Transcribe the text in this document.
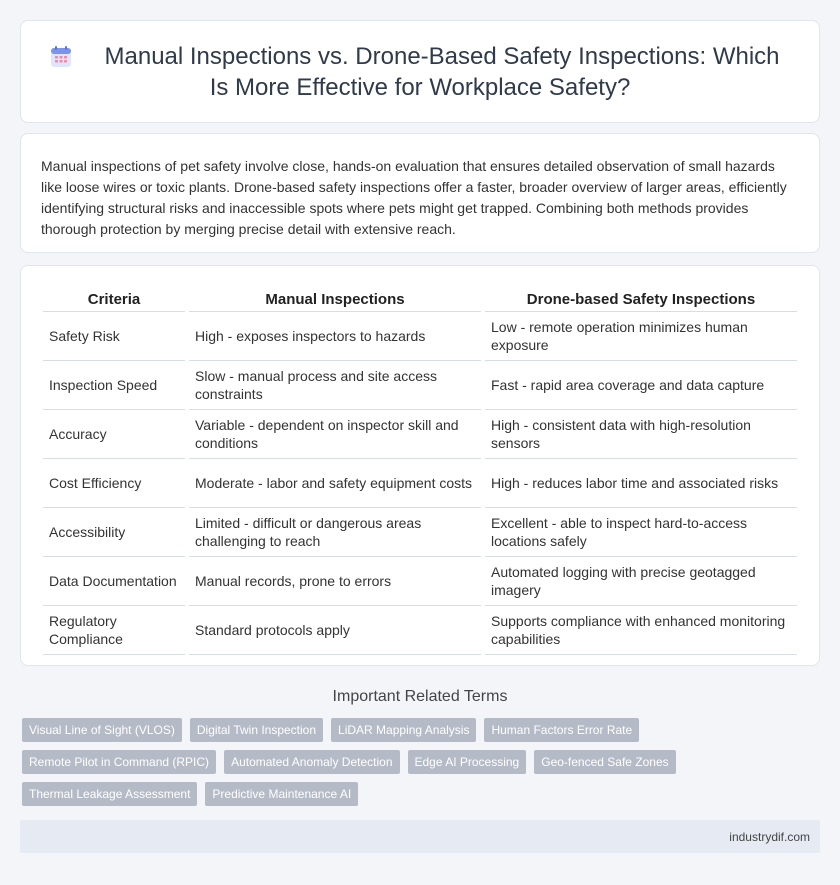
Manual Inspections vs. Drone-Based Safety Inspections: Which Is More Effective for Workplace Safety?

Manual inspections of pet safety involve close, hands-on evaluation that ensures detailed observation of small hazards like loose wires or toxic plants. Drone-based safety inspections offer a faster, broader overview of larger areas, efficiently identifying structural risks and inaccessible spots where pets might get trapped. Combining both methods provides thorough protection by merging precise detail with extensive reach.

Criteria	Manual Inspections	Drone-based Safety Inspections
Safety Risk	High - exposes inspectors to hazards	Low - remote operation minimizes human exposure
Inspection Speed	Slow - manual process and site access constraints	Fast - rapid area coverage and data capture
Accuracy	Variable - dependent on inspector skill and conditions	High - consistent data with high-resolution sensors
Cost Efficiency	Moderate - labor and safety equipment costs	High - reduces labor time and associated risks
Accessibility	Limited - difficult or dangerous areas challenging to reach	Excellent - able to inspect hard-to-access locations safely
Data Documentation	Manual records, prone to errors	Automated logging with precise geotagged imagery
Regulatory Compliance	Standard protocols apply	Supports compliance with enhanced monitoring capabilities
Important Related Terms
Visual Line of Sight (VLOS)	Digital Twin Inspection	LiDAR Mapping Analysis	Human Factors Error Rate
Remote Pilot in Command (RPIC)	Automated Anomaly Detection	Edge AI Processing	Geo-fenced Safe Zones
Thermal Leakage Assessment	Predictive Maintenance AI
industrydif.com
